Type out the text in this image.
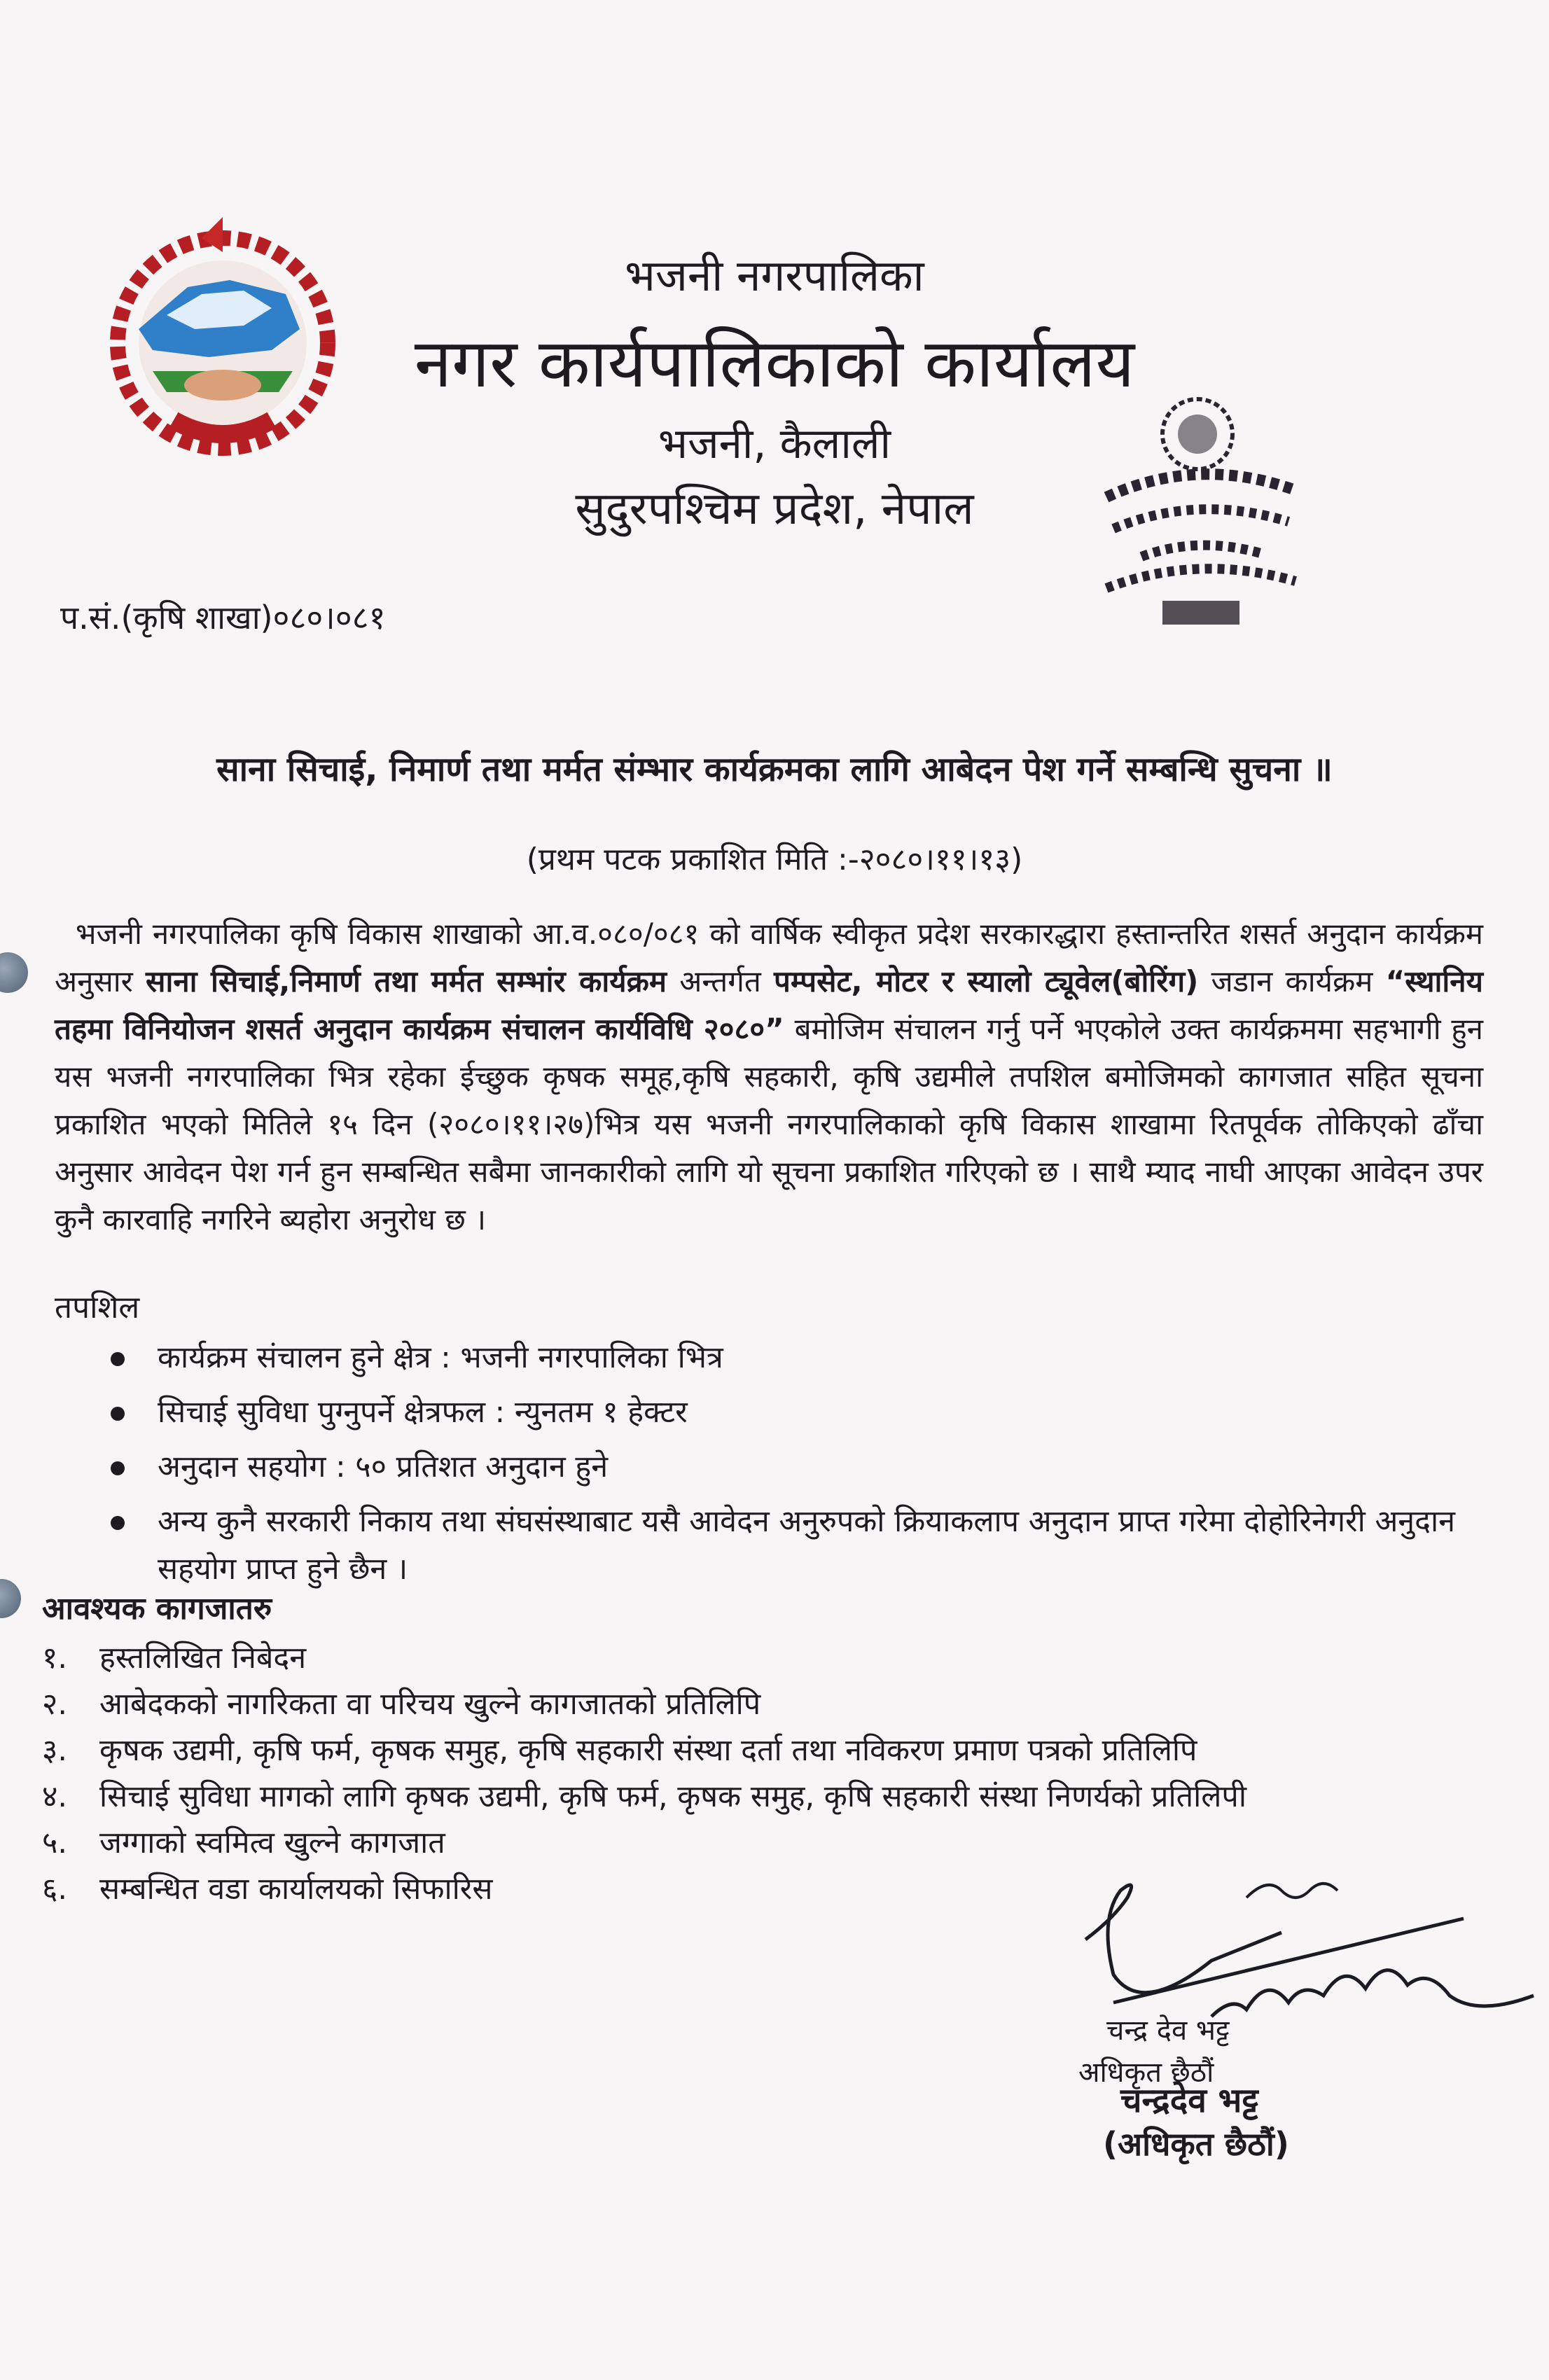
भजनी नगरपालिका
नगर कार्यपालिकाको कार्यालय
भजनी, कैलाली
सुदुरपश्चिम प्रदेश, नेपाल
प.सं.(कृषि शाखा)०८०।०८१
साना सिचाई, निमार्ण तथा मर्मत संम्भार कार्यक्रमका लागि आबेदन पेश गर्ने सम्बन्धि सुचना ॥
(प्रथम पटक प्रकाशित मिति :-२०८०।११।१३)
भजनी नगरपालिका कृषि विकास शाखाको आ.व.०८०/०८१ को वार्षिक स्वीकृत प्रदेश सरकारद्धारा हस्तान्तरित शसर्त अनुदान कार्यक्रम अनुसार साना सिचाई,निमार्ण तथा मर्मत सम्भांर कार्यक्रम अन्तर्गत पम्पसेट, मोटर र स्यालो ट्यूवेल(बोरिंग) जडान कार्यक्रम “स्थानिय तहमा विनियोजन शसर्त अनुदान कार्यक्रम संचालन कार्यविधि २०८०” बमोजिम संचालन गर्नु पर्ने भएकोले उक्त कार्यक्रममा सहभागी हुन यस भजनी नगरपालिका भित्र रहेका ईच्छुक कृषक समूह,कृषि सहकारी, कृषि उद्यमीले तपशिल बमोजिमको कागजात सहित सूचना प्रकाशित भएको मितिले १५ दिन (२०८०।११।२७)भित्र यस भजनी नगरपालिकाको कृषि विकास शाखामा रितपूर्वक तोकिएको ढाँचा अनुसार आवेदन पेश गर्न हुन सम्बन्धित सबैमा जानकारीको लागि यो सूचना प्रकाशित गरिएको छ । साथै म्याद नाघी आएका आवेदन उपर कुनै कारवाहि नगरिने ब्यहोरा अनुरोध छ ।
तपशिल
कार्यक्रम संचालन हुने क्षेत्र : भजनी नगरपालिका भित्र
सिचाई सुविधा पुग्नुपर्ने क्षेत्रफल : न्युनतम १ हेक्टर
अनुदान सहयोग : ५० प्रतिशत अनुदान हुने
अन्य कुनै सरकारी निकाय तथा संघसंस्थाबाट यसै आवेदन अनुरुपको क्रियाकलाप अनुदान प्राप्त गरेमा दोहोरिनेगरी अनुदान सहयोग प्राप्त हुने छैन ।
आवश्यक कागजातरु
१. हस्तलिखित निबेदन
२. आबेदकको नागरिकता वा परिचय खुल्ने कागजातको प्रतिलिपि
३. कृषक उद्यमी, कृषि फर्म, कृषक समुह, कृषि सहकारी संस्था दर्ता तथा नविकरण प्रमाण पत्रको प्रतिलिपि
४. सिचाई सुविधा मागको लागि कृषक उद्यमी, कृषि फर्म, कृषक समुह, कृषि सहकारी संस्था निणर्यको प्रतिलिपी
५. जग्गाको स्वमित्व खुल्ने कागजात
६. सम्बन्धित वडा कार्यालयको सिफारिस
चन्द्र देव भट्ट
अधिकृत छैठौं
चन्द्रदेव भट्ट
(अधिकृत छैठौं)
